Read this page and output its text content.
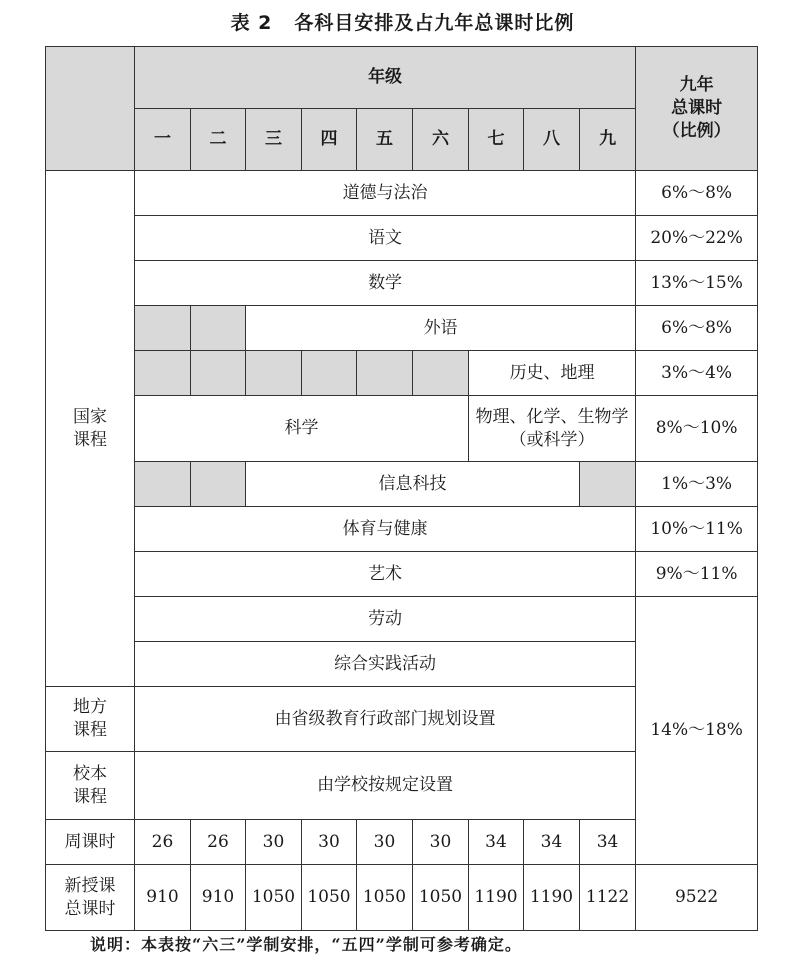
表 2 各科目安排及占九年总课时比例
	年级									九年
总课时
（比例）	

	一	二	三	四	五	六	七	八	九		
国家课程	道德与法治									6%～8%	
	语文									20%～22%	
	数学									13%～15%	
			外语							6%～8%	
							历史、地理			3%～4%	
	科学						物理、化学、生物学（或科学）			8%～10%	
			信息科技							1%～3%	
	体育与健康									10%～11%	
	艺术									9%～11%	
	劳动									14%～18%	
	综合实践活动										
地方课程	由省级教育行政部门规划设置										
校本课程	由学校按规定设置										
周课时	26	26	30	30	30	30	34	34	34		
新授课总课时	910	910	1050	1050	1050	1050	1190	1190	1122	9522	
说明：本表按“六三”学制安排，“五四”学制可参考确定。
